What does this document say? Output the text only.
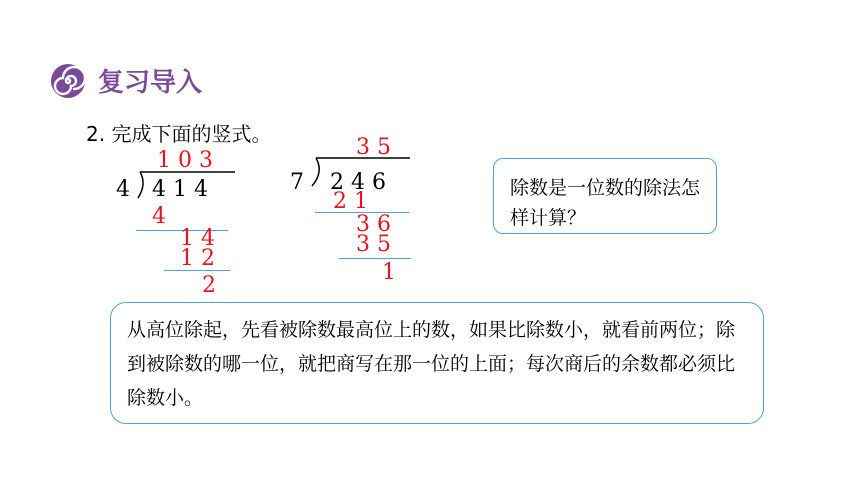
复习导入
2. 完成下面的竖式。
1 0 3
4 4 1 4
4
1 4
1 2
2
3 5
7 2 4 6
2 1
3 6
3 5
1
除数是一位数的除法怎样计算？
从高位除起，先看被除数最高位上的数，如果比除数小，就看前两位；除到被除数的哪一位，就把商写在那一位的上面；每次商后的余数都必须比除数小。
